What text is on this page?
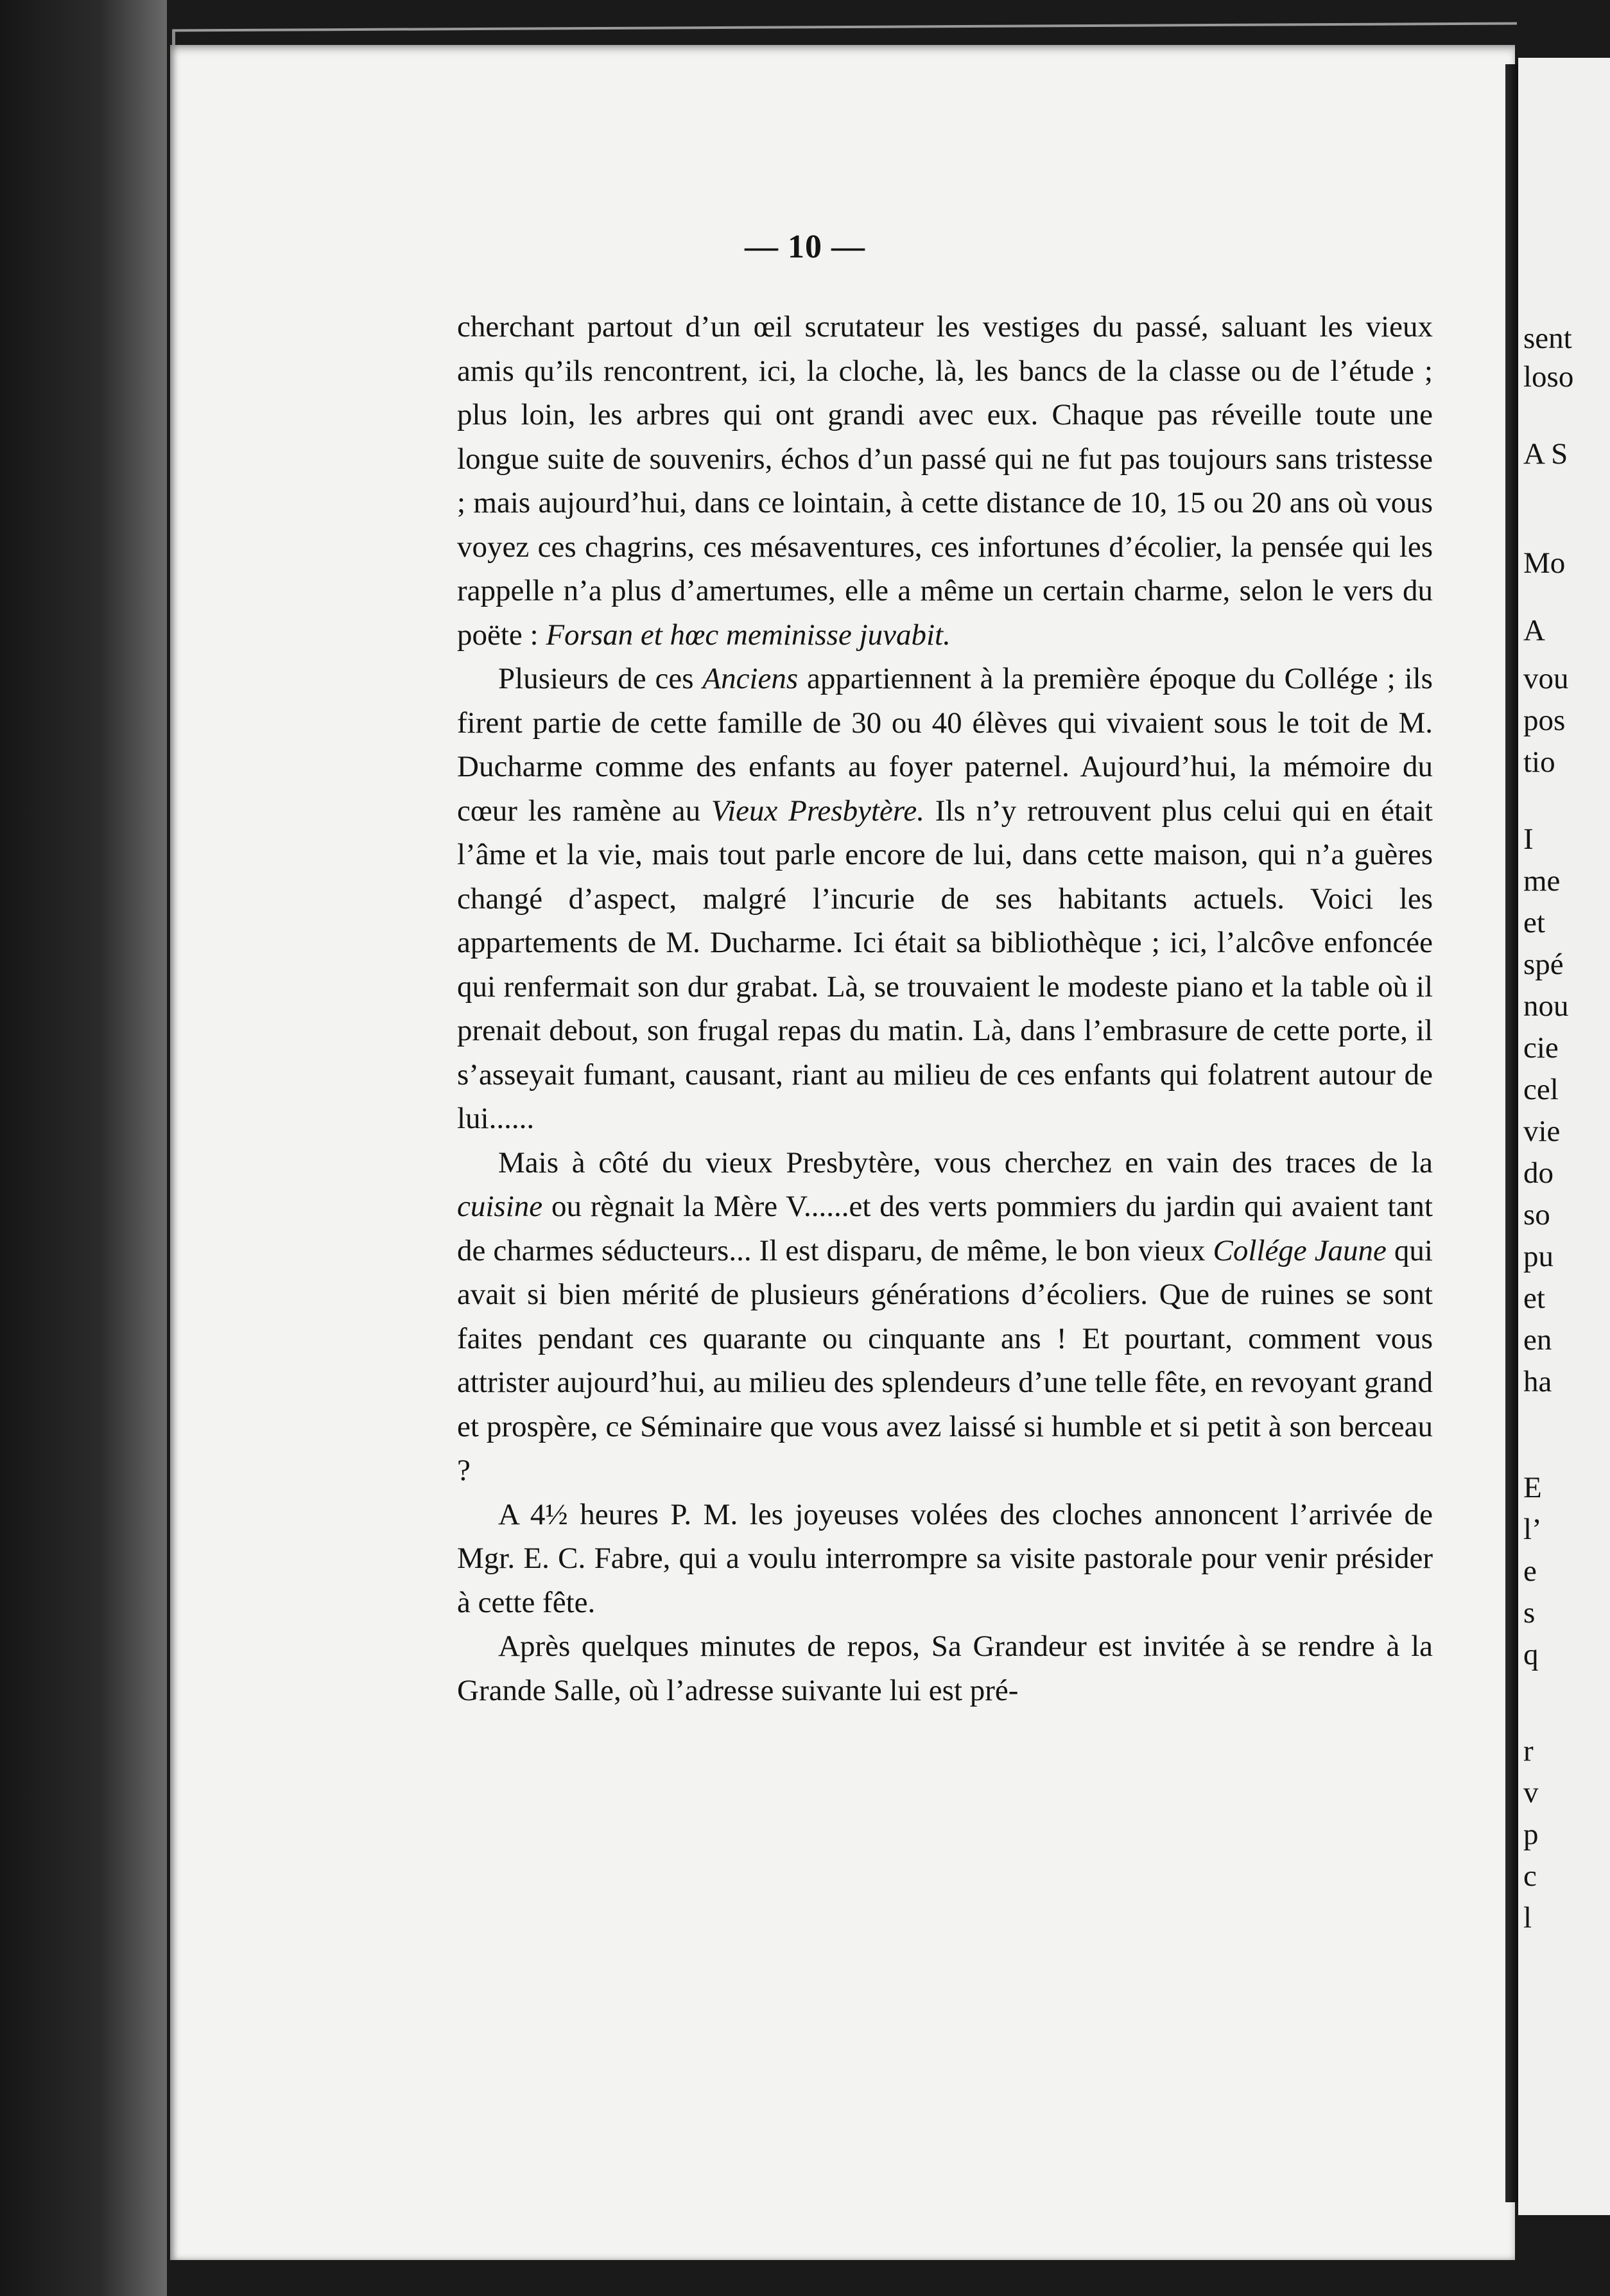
— 10 —

cherchant partout d’un œil scrutateur les vestiges du passé, saluant les vieux amis qu’ils rencontrent, ici, la cloche, là, les bancs de la classe ou de l’étude ; plus loin, les arbres qui ont grandi avec eux. Chaque pas réveille toute une longue suite de souvenirs, échos d’un passé qui ne fut pas toujours sans tristesse ; mais aujourd’hui, dans ce lointain, à cette distance de 10, 15 ou 20 ans où vous voyez ces chagrins, ces mésaventures, ces infortunes d’écolier, la pensée qui les rappelle n’a plus d’amertumes, elle a même un certain charme, selon le vers du poëte : Forsan et hœc meminisse juvabit.

Plusieurs de ces Anciens appartiennent à la première époque du Collége ; ils firent partie de cette famille de 30 ou 40 élèves qui vivaient sous le toit de M. Ducharme comme des enfants au foyer paternel. Aujourd’hui, la mémoire du cœur les ramène au Vieux Presbytère. Ils n’y retrouvent plus celui qui en était l’âme et la vie, mais tout parle encore de lui, dans cette maison, qui n’a guères changé d’aspect, malgré l’incurie de ses habitants actuels. Voici les appartements de M. Ducharme. Ici était sa bibliothèque ; ici, l’alcôve enfoncée qui renfermait son dur grabat. Là, se trouvaient le modeste piano et la table où il prenait debout, son frugal repas du matin. Là, dans l’embrasure de cette porte, il s’asseyait fumant, causant, riant au milieu de ces enfants qui folatrent autour de lui......

Mais à côté du vieux Presbytère, vous cherchez en vain des traces de la cuisine ou règnait la Mère V......et des verts pommiers du jardin qui avaient tant de charmes séducteurs... Il est disparu, de même, le bon vieux Collége Jaune qui avait si bien mérité de plusieurs générations d’écoliers. Que de ruines se sont faites pendant ces quarante ou cinquante ans ! Et pourtant, comment vous attrister aujourd’hui, au milieu des splendeurs d’une telle fête, en revoyant grand et prospère, ce Séminaire que vous avez laissé si humble et si petit à son berceau ?

A 4½ heures P. M. les joyeuses volées des cloches annoncent l’arrivée de Mgr. E. C. Fabre, qui a voulu interrompre sa visite pastorale pour venir présider à cette fête.

Après quelques minutes de repos, Sa Grandeur est invitée à se rendre à la Grande Salle, où l’adresse suivante lui est pré-

sent
loso
A S
Mo
A
vou
pos
tio
I
me
et
spé
nou
cie
cel
vie
do
so
pu
et
en
ha
E
l’
e
s
q
r
v
p
c
l
